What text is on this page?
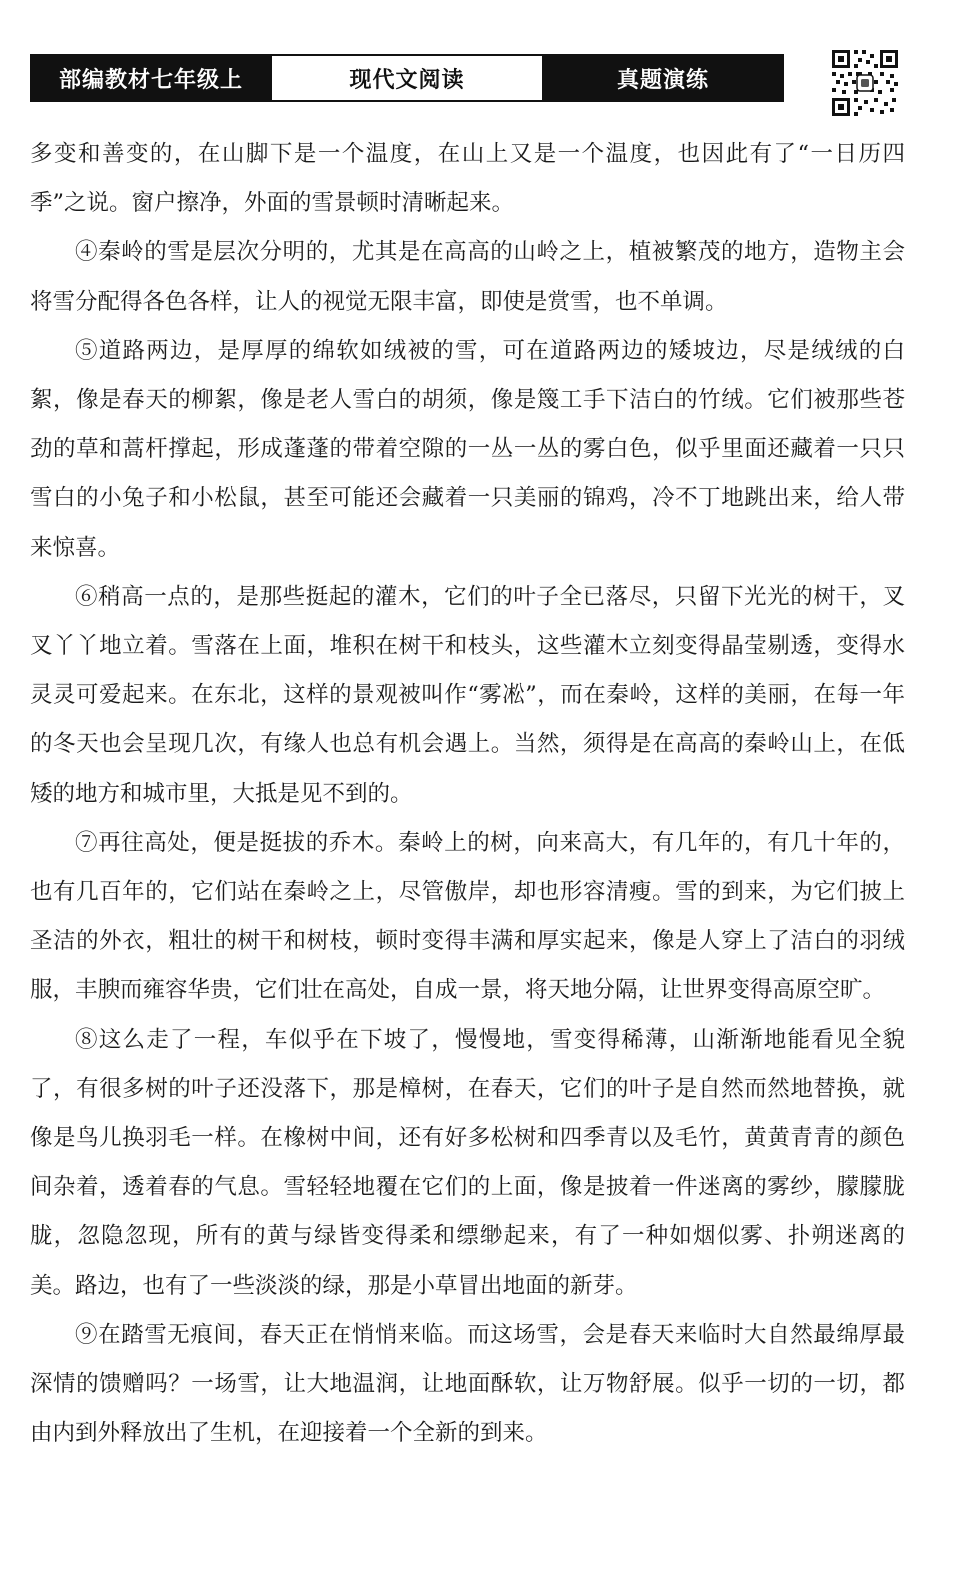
部编教材七年级上	现代文阅读	真题演练

多变和善变的，在山脚下是一个温度，在山上又是一个温度，也因此有了“一日历四季”之说。窗户擦净，外面的雪景顿时清晰起来。

④秦岭的雪是层次分明的，尤其是在高高的山岭之上，植被繁茂的地方，造物主会将雪分配得各色各样，让人的视觉无限丰富，即使是赏雪，也不单调。

⑤道路两边，是厚厚的绵软如绒被的雪，可在道路两边的矮坡边，尽是绒绒的白絮，像是春天的柳絮，像是老人雪白的胡须，像是篾工手下洁白的竹绒。它们被那些苍劲的草和蒿杆撑起，形成蓬蓬的带着空隙的一丛一丛的雾白色，似乎里面还藏着一只只雪白的小兔子和小松鼠，甚至可能还会藏着一只美丽的锦鸡，冷不丁地跳出来，给人带来惊喜。

⑥稍高一点的，是那些挺起的灌木，它们的叶子全已落尽，只留下光光的树干，叉叉丫丫地立着。雪落在上面，堆积在树干和枝头，这些灌木立刻变得晶莹剔透，变得水灵灵可爱起来。在东北，这样的景观被叫作“雾凇”，而在秦岭，这样的美丽，在每一年的冬天也会呈现几次，有缘人也总有机会遇上。当然，须得是在高高的秦岭山上，在低矮的地方和城市里，大抵是见不到的。

⑦再往高处，便是挺拔的乔木。秦岭上的树，向来高大，有几年的，有几十年的，也有几百年的，它们站在秦岭之上，尽管傲岸，却也形容清瘦。雪的到来，为它们披上圣洁的外衣，粗壮的树干和树枝，顿时变得丰满和厚实起来，像是人穿上了洁白的羽绒服，丰腴而雍容华贵，它们壮在高处，自成一景，将天地分隔，让世界变得高原空旷。

⑧这么走了一程，车似乎在下坡了，慢慢地，雪变得稀薄，山渐渐地能看见全貌了，有很多树的叶子还没落下，那是樟树，在春天，它们的叶子是自然而然地替换，就像是鸟儿换羽毛一样。在橡树中间，还有好多松树和四季青以及毛竹，黄黄青青的颜色间杂着，透着春的气息。雪轻轻地覆在它们的上面，像是披着一件迷离的雾纱，朦朦胧胧，忽隐忽现，所有的黄与绿皆变得柔和缥缈起来，有了一种如烟似雾、扑朔迷离的美。路边，也有了一些淡淡的绿，那是小草冒出地面的新芽。

⑨在踏雪无痕间，春天正在悄悄来临。而这场雪，会是春天来临时大自然最绵厚最深情的馈赠吗？一场雪，让大地温润，让地面酥软，让万物舒展。似乎一切的一切，都由内到外释放出了生机，在迎接着一个全新的到来。
